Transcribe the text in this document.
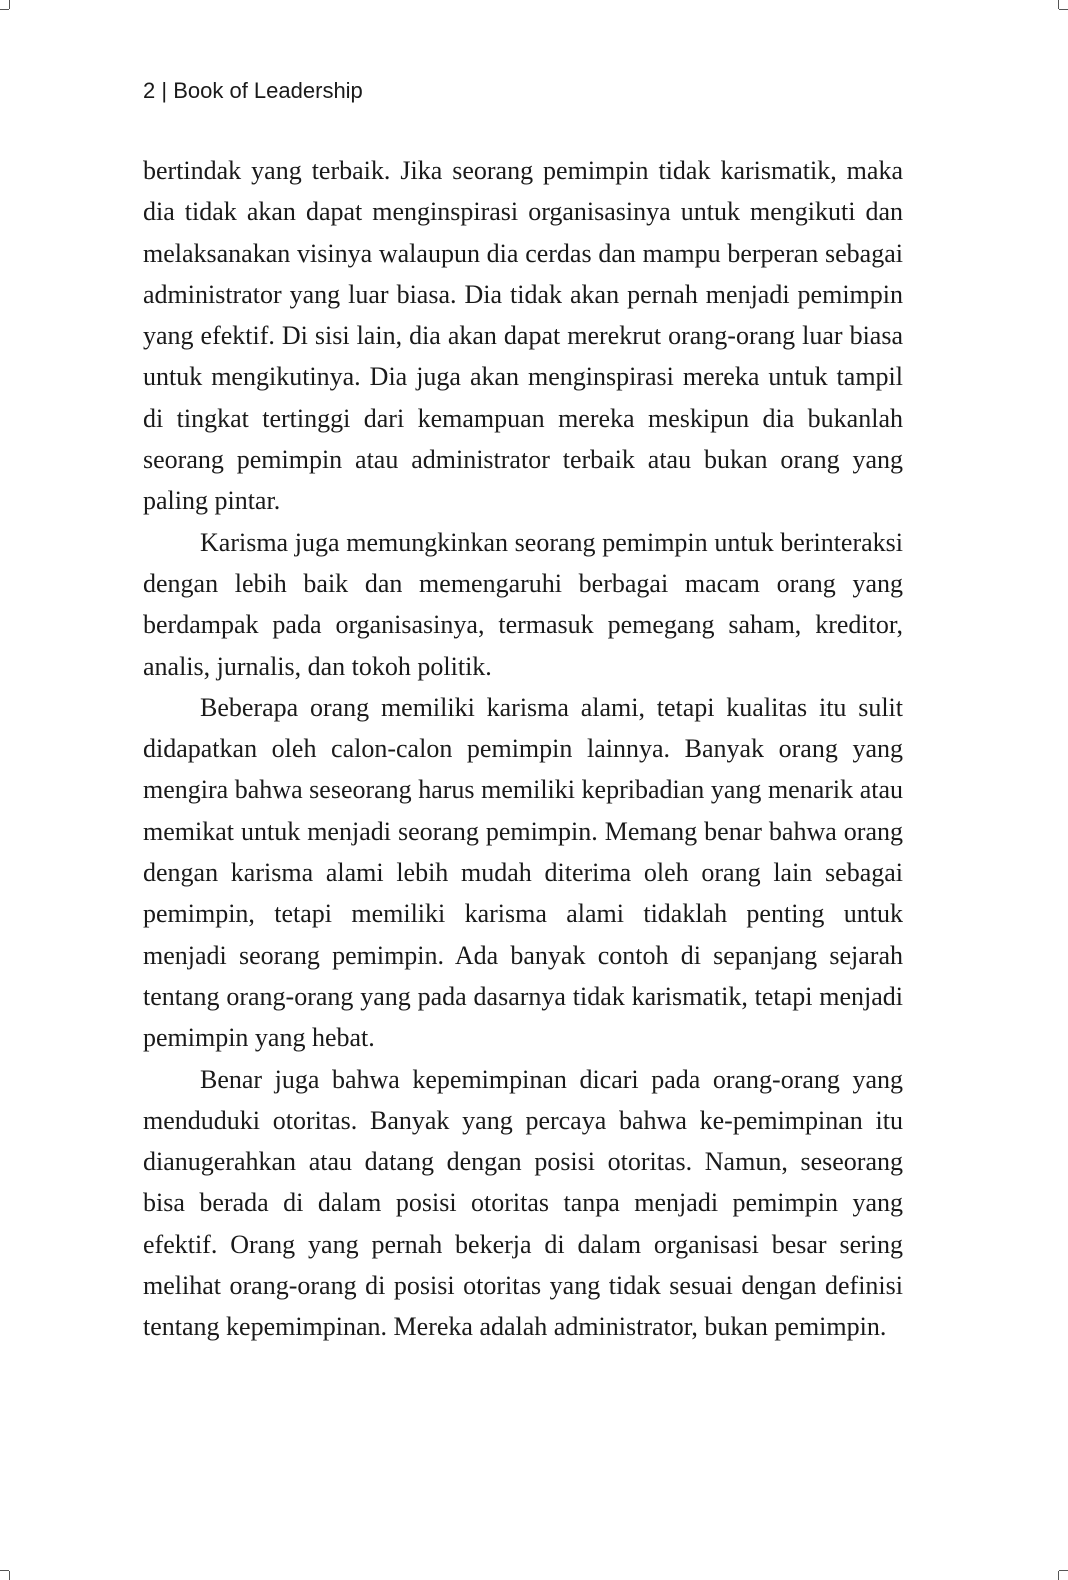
2 | Book of Leadership

bertindak yang terbaik. Jika seorang pemimpin tidak karismatik, maka dia tidak akan dapat menginspirasi organisasinya untuk mengikuti dan melaksanakan visinya walaupun dia cerdas dan mampu berperan sebagai administrator yang luar biasa. Dia tidak akan pernah menjadi pemimpin yang efektif. Di sisi lain, dia akan dapat merekrut orang-orang luar biasa untuk mengikutinya. Dia juga akan menginspirasi mereka untuk tampil di tingkat tertinggi dari kemampuan mereka meskipun dia bukanlah seorang pemimpin atau administrator terbaik atau bukan orang yang paling pintar.

Karisma juga memungkinkan seorang pemimpin untuk berinteraksi dengan lebih baik dan memengaruhi berbagai macam orang yang berdampak pada organisasinya, termasuk pemegang saham, kreditor, analis, jurnalis, dan tokoh politik.

Beberapa orang memiliki karisma alami, tetapi kualitas itu sulit didapatkan oleh calon-calon pemimpin lainnya. Banyak orang yang mengira bahwa seseorang harus memiliki kepribadian yang menarik atau memikat untuk menjadi seorang pemimpin. Memang benar bahwa orang dengan karisma alami lebih mudah diterima oleh orang lain sebagai pemimpin, tetapi memiliki karisma alami tidaklah penting untuk menjadi seorang pemimpin. Ada banyak contoh di sepanjang sejarah tentang orang-orang yang pada dasarnya tidak karismatik, tetapi menjadi pemimpin yang hebat.

Benar juga bahwa kepemimpinan dicari pada orang-orang yang menduduki otoritas. Banyak yang percaya bahwa ke-pemimpinan itu dianugerahkan atau datang dengan posisi otoritas. Namun, seseorang bisa berada di dalam posisi otoritas tanpa menjadi pemimpin yang efektif. Orang yang pernah bekerja di dalam organisasi besar sering melihat orang-orang di posisi otoritas yang tidak sesuai dengan definisi tentang kepemimpinan. Mereka adalah administrator, bukan pemimpin.
